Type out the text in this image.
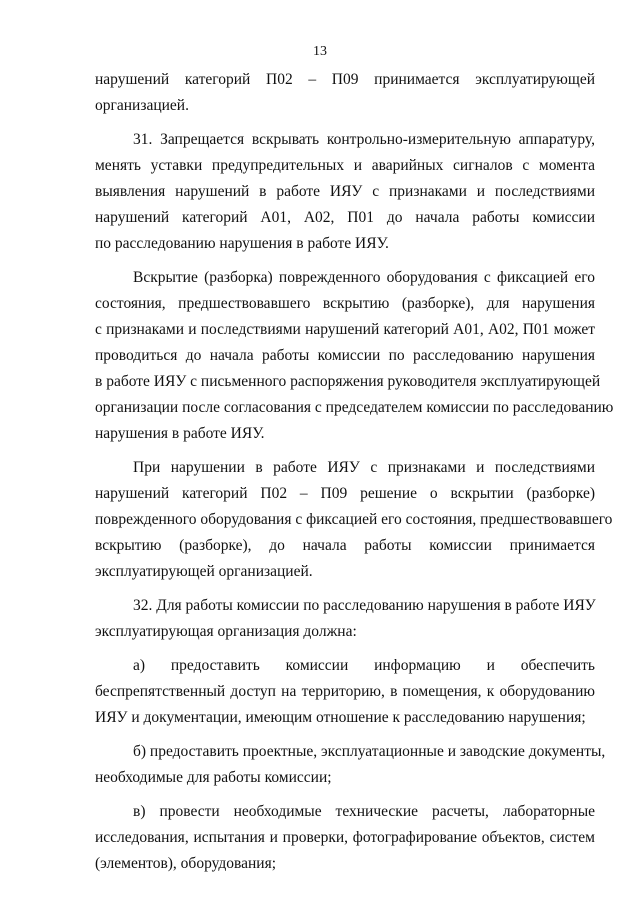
13
нарушений категорий П02 – П09 принимается эксплуатирующей
организацией.
31. Запрещается вскрывать контрольно-измерительную аппаратуру,
менять уставки предупредительных и аварийных сигналов с момента
выявления нарушений в работе ИЯУ с признаками и последствиями
нарушений категорий А01, А02, П01 до начала работы комиссии
по расследованию нарушения в работе ИЯУ.
Вскрытие (разборка) поврежденного оборудования с фиксацией его
состояния, предшествовавшего вскрытию (разборке), для нарушения
с признаками и последствиями нарушений категорий А01, А02, П01 может
проводиться до начала работы комиссии по расследованию нарушения
в работе ИЯУ с письменного распоряжения руководителя эксплуатирующей
организации после согласования с председателем комиссии по расследованию
нарушения в работе ИЯУ.
При нарушении в работе ИЯУ с признаками и последствиями
нарушений категорий П02 – П09 решение о вскрытии (разборке)
поврежденного оборудования с фиксацией его состояния, предшествовавшего
вскрытию (разборке), до начала работы комиссии принимается
эксплуатирующей организацией.
32. Для работы комиссии по расследованию нарушения в работе ИЯУ
эксплуатирующая организация должна:
а) предоставить комиссии информацию и обеспечить
беспрепятственный доступ на территорию, в помещения, к оборудованию
ИЯУ и документации, имеющим отношение к расследованию нарушения;
б) предоставить проектные, эксплуатационные и заводские документы,
необходимые для работы комиссии;
в) провести необходимые технические расчеты, лабораторные
исследования, испытания и проверки, фотографирование объектов, систем
(элементов), оборудования;
